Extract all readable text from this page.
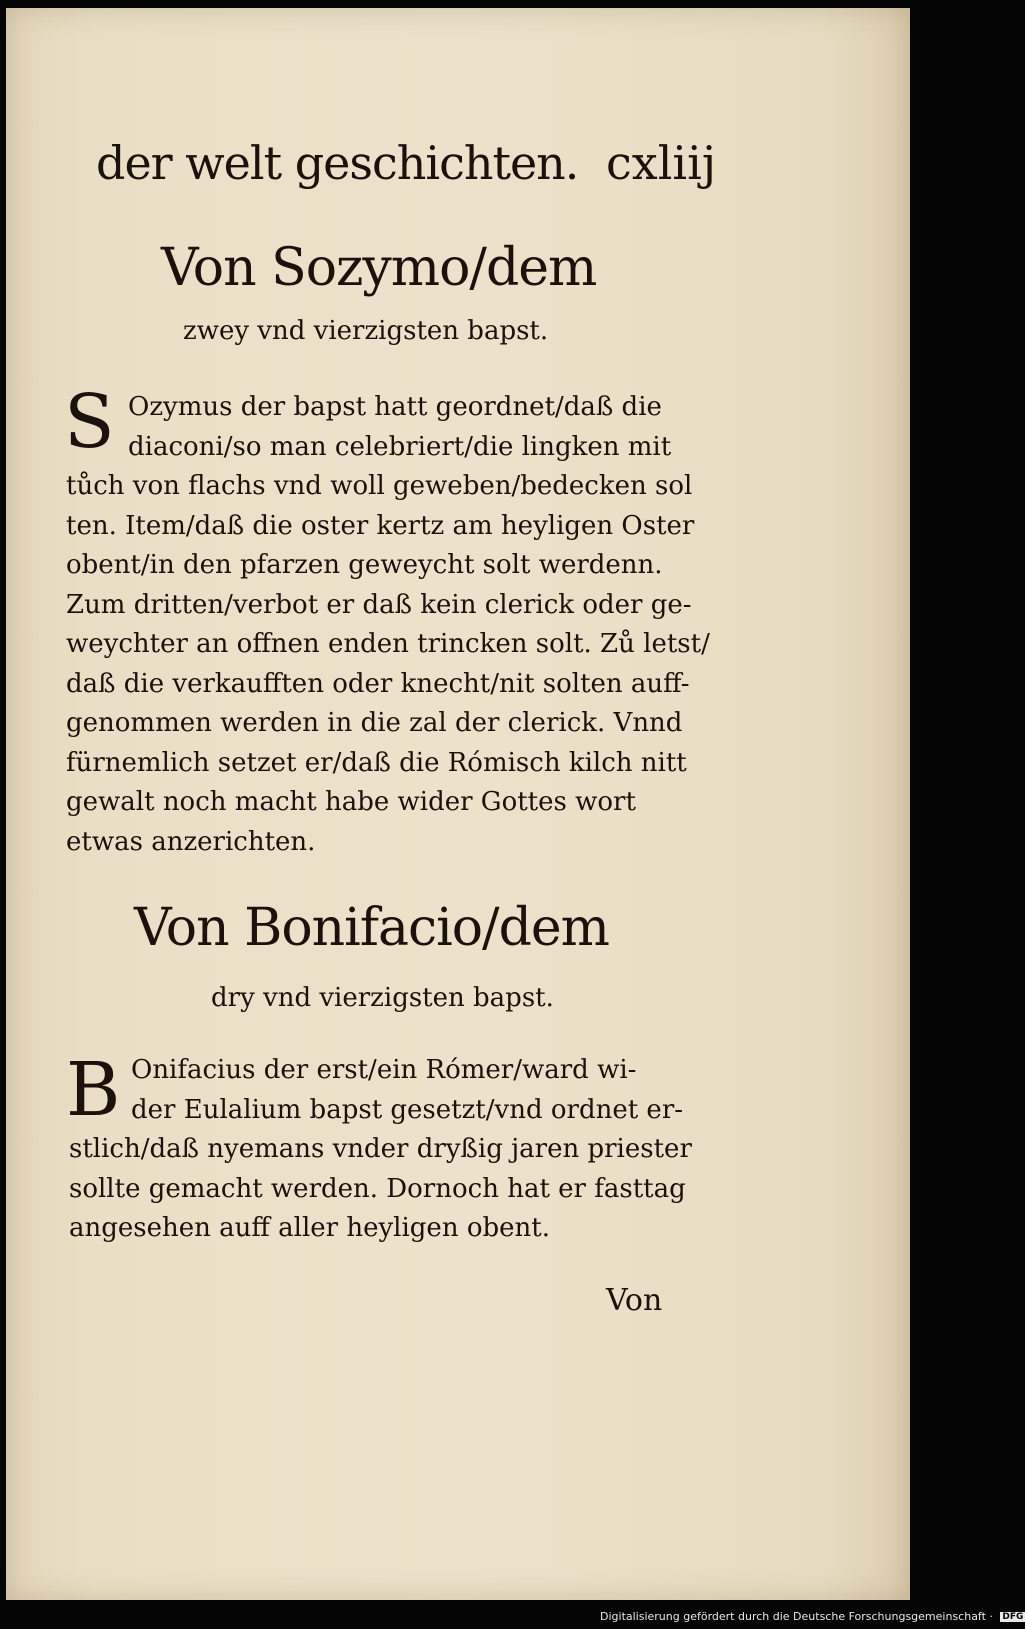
der welt geschichten. cxliij

Von Sozymo/dem

zwey vnd vierzigsten bapst.

S Ozymus der bapst hatt geordnet/daß die
diaconi/so man celebriert/die lingken mit
tůch von flachs vnd woll geweben/bedecken sol
ten. Item/daß die oster kertz am heyligen Oster
obent/in den pfarzen geweycht solt werdenn.
Zum dritten/verbot er daß kein clerick oder ge-
weychter an offnen enden trincken solt. Zů letst/
daß die verkaufften oder knecht/nit solten auff-
genommen werden in die zal der clerick. Vnnd
fürnemlich setzet er/daß die Rómisch kilch nitt
gewalt noch macht habe wider Gottes wort
etwas anzerichten.

Von Bonifacio/dem

dry vnd vierzigsten bapst.

B Onifacius der erst/ein Rómer/ward wi-
der Eulalium bapst gesetzt/vnd ordnet er-
stlich/daß nyemans vnder dryßig jaren priester
sollte gemacht werden. Dornoch hat er fasttag
angesehen auff aller heyligen obent.

Von

Digitalisierung gefördert durch die Deutsche Forschungsgemeinschaft · DFG
